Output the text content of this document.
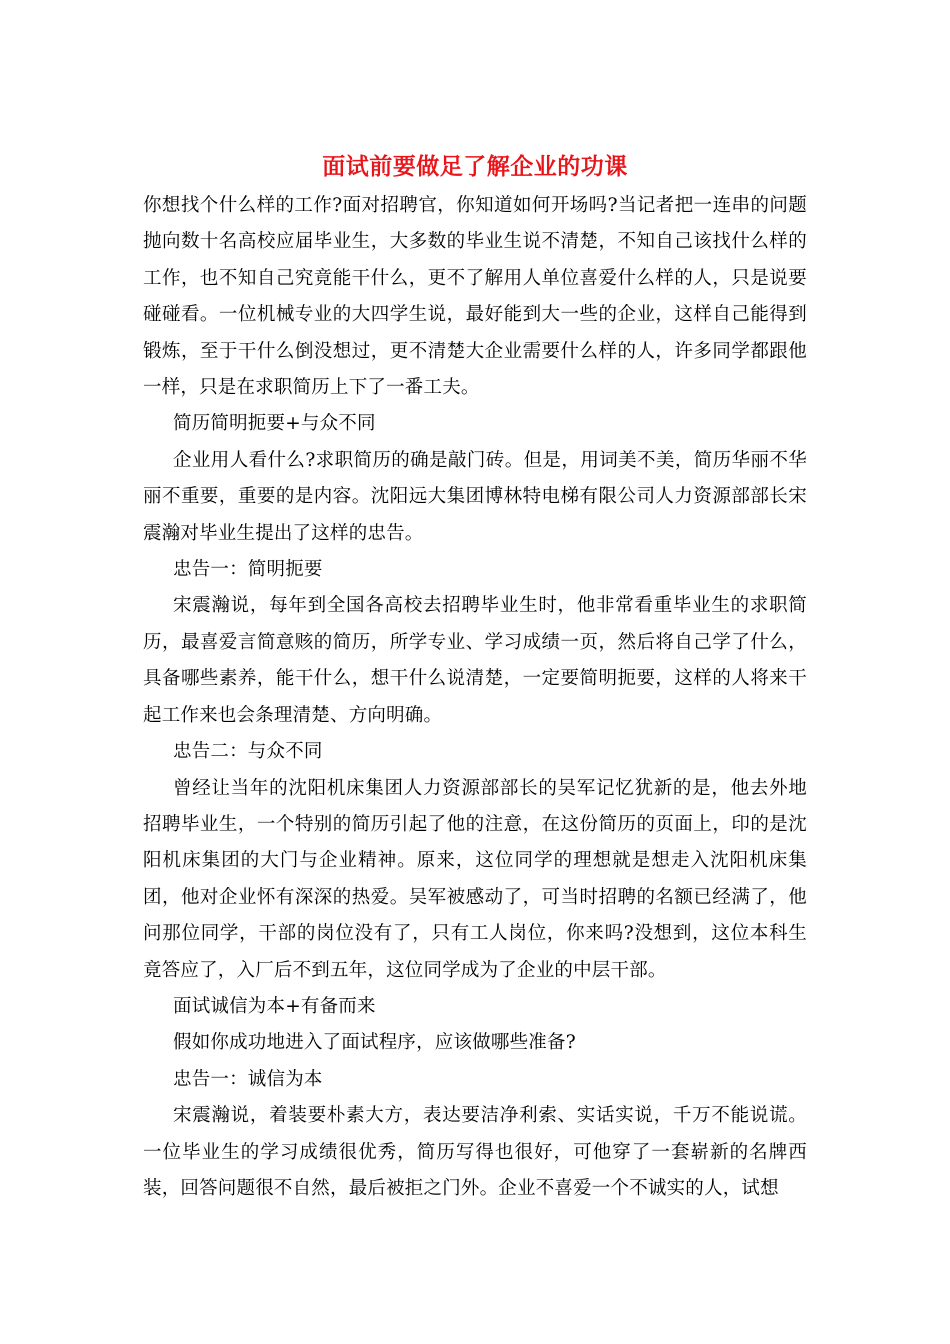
面试前要做足了解企业的功课

你想找个什么样的工作?面对招聘官，你知道如何开场吗?当记者把一连串的问题抛向数十名高校应届毕业生，大多数的毕业生说不清楚，不知自己该找什么样的工作，也不知自己究竟能干什么，更不了解用人单位喜爱什么样的人，只是说要碰碰看。一位机械专业的大四学生说，最好能到大一些的企业，这样自己能得到锻炼，至于干什么倒没想过，更不清楚大企业需要什么样的人，许多同学都跟他一样，只是在求职简历上下了一番工夫。

简历简明扼要+与众不同

企业用人看什么?求职简历的确是敲门砖。但是，用词美不美，简历华丽不华丽不重要，重要的是内容。沈阳远大集团博林特电梯有限公司人力资源部部长宋震瀚对毕业生提出了这样的忠告。

忠告一：简明扼要

宋震瀚说，每年到全国各高校去招聘毕业生时，他非常看重毕业生的求职简历，最喜爱言简意赅的简历，所学专业、学习成绩一页，然后将自己学了什么，具备哪些素养，能干什么，想干什么说清楚，一定要简明扼要，这样的人将来干起工作来也会条理清楚、方向明确。

忠告二：与众不同

曾经让当年的沈阳机床集团人力资源部部长的吴军记忆犹新的是，他去外地招聘毕业生，一个特别的简历引起了他的注意，在这份简历的页面上，印的是沈阳机床集团的大门与企业精神。原来，这位同学的理想就是想走入沈阳机床集团，他对企业怀有深深的热爱。吴军被感动了，可当时招聘的名额已经满了，他问那位同学，干部的岗位没有了，只有工人岗位，你来吗?没想到，这位本科生竟答应了，入厂后不到五年，这位同学成为了企业的中层干部。

面试诚信为本+有备而来

假如你成功地进入了面试程序，应该做哪些准备?

忠告一：诚信为本

宋震瀚说，着装要朴素大方，表达要洁净利索、实话实说，千万不能说谎。一位毕业生的学习成绩很优秀，简历写得也很好，可他穿了一套崭新的名牌西装，回答问题很不自然，最后被拒之门外。企业不喜爱一个不诚实的人，试想
